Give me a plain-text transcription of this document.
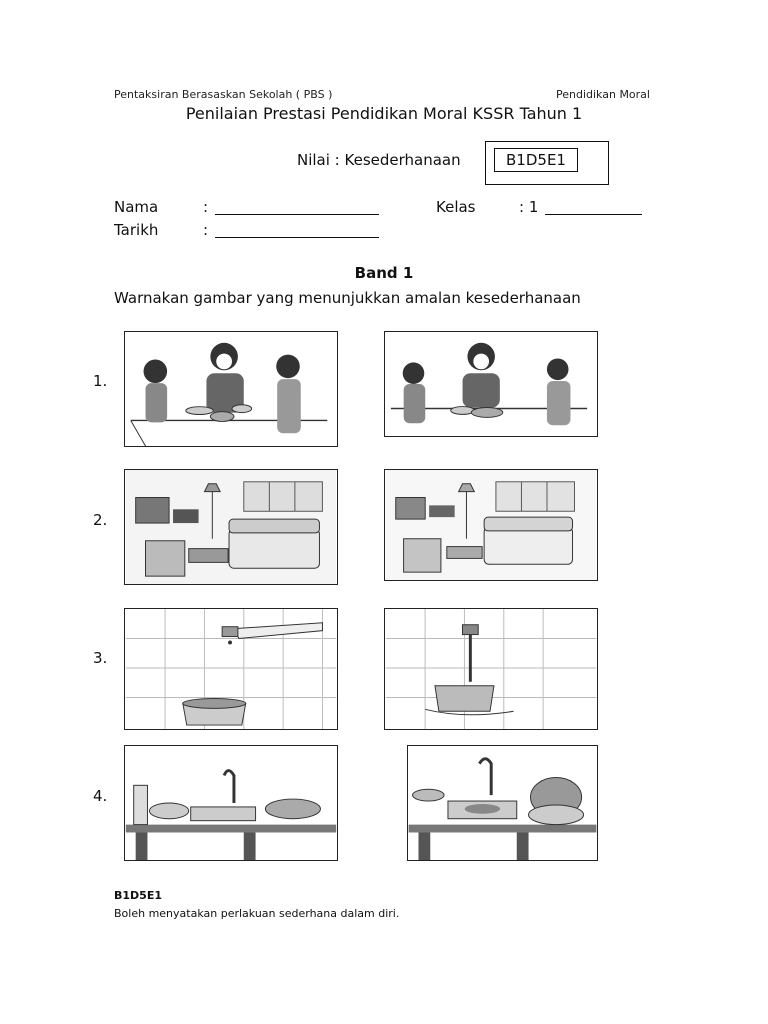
Pentaksiran Berasaskan Sekolah ( PBS )	Pendidikan Moral
Penilaian Prestasi Pendidikan Moral KSSR Tahun 1
Nilai : Kesederhanaan	B1D5E1
Nama	:
Tarikh	:
Kelas	: 1
Band 1
Warnakan gambar yang menunjukkan amalan kesederhanaan
1.
2.
3.
4.
B1D5E1
Boleh menyatakan perlakuan sederhana dalam diri.
